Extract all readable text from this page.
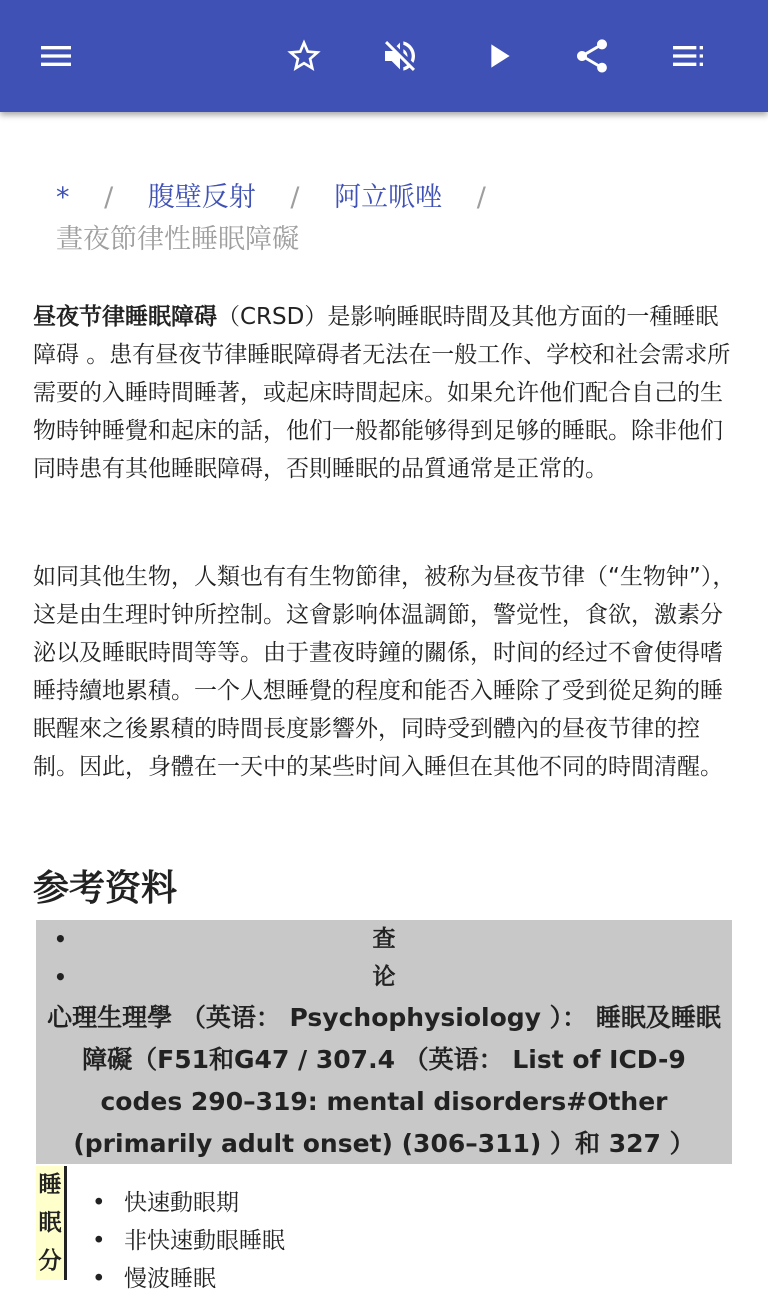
* / 腹壁反射 / 阿立哌唑 /
晝夜節律性睡眠障礙
昼夜节律睡眠障碍（CRSD）是影响睡眠時間及其他方面的一種睡眠障碍 。患有昼夜节律睡眠障碍者无法在一般工作、学校和社会需求所需要的入睡時間睡著，或起床時間起床。如果允许他们配合自己的生物時钟睡覺和起床的話，他们一般都能够得到足够的睡眠。除非他们同時患有其他睡眠障碍，否則睡眠的品質通常是正常的。
如同其他生物，人類也有有生物節律，被称为昼夜节律（“生物钟”），这是由生理时钟所控制。这會影响体温調節，警觉性，食欲，激素分泌以及睡眠時間等等。由于晝夜時鐘的關係，时间的经过不會使得嗜睡持續地累積。一个人想睡覺的程度和能否入睡除了受到從足夠的睡眠醒來之後累積的時間長度影響外，同時受到體內的昼夜节律的控制。因此，身體在一天中的某些时间入睡但在其他不同的時間清醒。
参考资料
•	查
•	论
心理生理學 （英语： Psychophysiology ）： 睡眠及睡眠障礙（F51和G47 / 307.4 （英语： List of ICD-9 codes 290–319: mental disorders#Other (primarily adult onset) (306–311) ）和 327 ）
睡眠分
• 快速動眼期
• 非快速動眼睡眠
• 慢波睡眠
